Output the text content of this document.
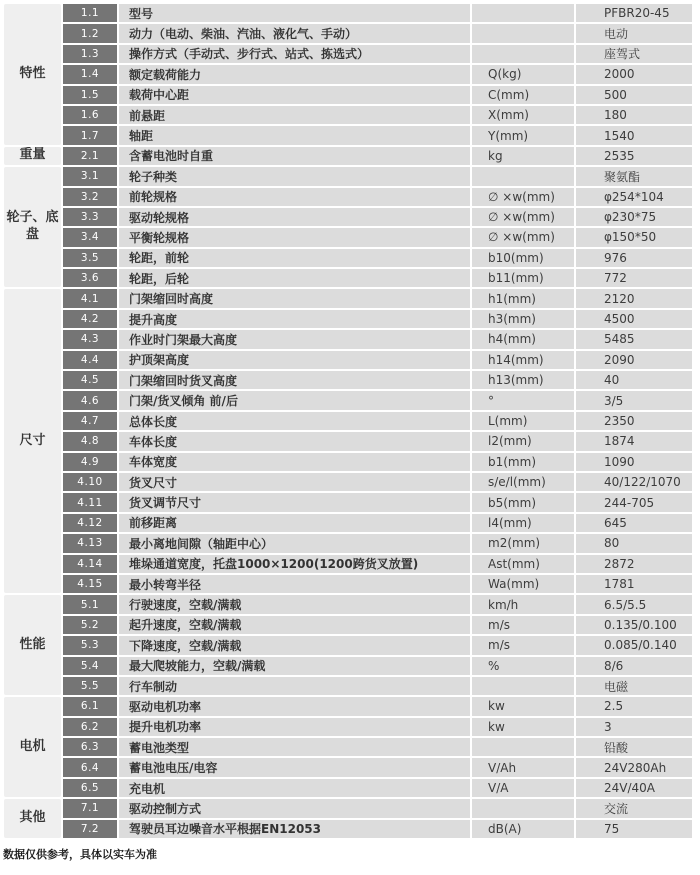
特性	1.1	型号		PFBR20-45
	1.2	动力（电动、柴油、汽油、液化气、手动）		电动
	1.3	操作方式（手动式、步行式、站式、拣选式）		座驾式
	1.4	额定载荷能力	Q(kg)	2000
	1.5	载荷中心距	C(mm)	500
	1.6	前悬距	X(mm)	180
	1.7	轴距	Y(mm)	1540
重量	2.1	含蓄电池时自重	kg	2535
轮子、底盘	3.1	轮子种类		聚氨酯
	3.2	前轮规格	∅ ×w(mm)	φ254*104
	3.3	驱动轮规格	∅ ×w(mm)	φ230*75
	3.4	平衡轮规格	∅ ×w(mm)	φ150*50
	3.5	轮距，前轮	b10(mm)	976
	3.6	轮距，后轮	b11(mm)	772
尺寸	4.1	门架缩回时高度	h1(mm)	2120
	4.2	提升高度	h3(mm)	4500
	4.3	作业时门架最大高度	h4(mm)	5485
	4.4	护顶架高度	h14(mm)	2090
	4.5	门架缩回时货叉高度	h13(mm)	40
	4.6	门架/货叉倾角 前/后	°	3/5
	4.7	总体长度	L(mm)	2350
	4.8	车体长度	l2(mm)	1874
	4.9	车体宽度	b1(mm)	1090
	4.10	货叉尺寸	s/e/l(mm)	40/122/1070
	4.11	货叉调节尺寸	b5(mm)	244-705
	4.12	前移距离	l4(mm)	645
	4.13	最小离地间隙（轴距中心）	m2(mm)	80
	4.14	堆垛通道宽度，托盘1000×1200(1200跨货叉放置)	Ast(mm)	2872
	4.15	最小转弯半径	Wa(mm)	1781
性能	5.1	行驶速度，空载/满载	km/h	6.5/5.5
	5.2	起升速度，空载/满载	m/s	0.135/0.100
	5.3	下降速度，空载/满载	m/s	0.085/0.140
	5.4	最大爬坡能力，空载/满载	%	8/6
	5.5	行车制动		电磁
电机	6.1	驱动电机功率	kw	2.5
	6.2	提升电机功率	kw	3
	6.3	蓄电池类型		铅酸
	6.4	蓄电池电压/电容	V/Ah	24V280Ah
	6.5	充电机	V/A	24V/40A
其他	7.1	驱动控制方式		交流
	7.2	驾驶员耳边噪音水平根据EN12053	dB(A)	75
数据仅供参考，具体以实车为准
